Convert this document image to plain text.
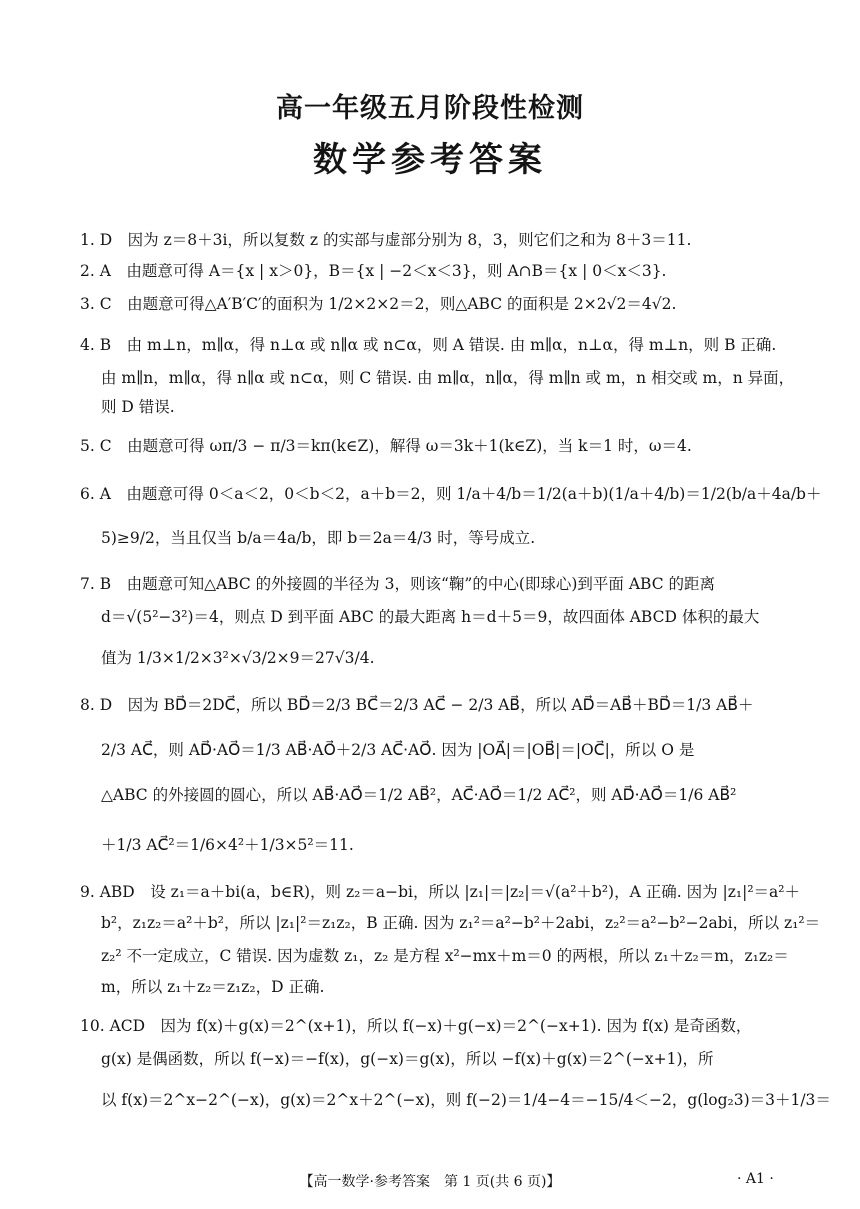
高一年级五月阶段性检测
数学参考答案
1. D　因为 z＝8＋3i，所以复数 z 的实部与虚部分别为 8，3，则它们之和为 8＋3＝11.
2. A　由题意可得 A＝{x | x＞0}，B＝{x | −2＜x＜3}，则 A∩B＝{x | 0＜x＜3}.
3. C　由题意可得△A′B′C′的面积为 1/2×2×2＝2，则△ABC 的面积是 2×2√2＝4√2.
4. B　由 m⊥n，m∥α，得 n⊥α 或 n∥α 或 n⊂α，则 A 错误. 由 m∥α，n⊥α，得 m⊥n，则 B 正确.
由 m∥n，m∥α，得 n∥α 或 n⊂α，则 C 错误. 由 m∥α，n∥α，得 m∥n 或 m，n 相交或 m，n 异面，
则 D 错误.
5. C　由题意可得 ωπ/3 − π/3＝kπ(k∈Z)，解得 ω＝3k＋1(k∈Z)，当 k＝1 时，ω＝4.
6. A　由题意可得 0＜a＜2，0＜b＜2，a＋b＝2，则 1/a＋4/b＝1/2(a＋b)(1/a＋4/b)＝1/2(b/a＋4a/b＋
5)≥9/2，当且仅当 b/a＝4a/b，即 b＝2a＝4/3 时，等号成立.
7. B　由题意可知△ABC 的外接圆的半径为 3，则该“鞠”的中心(即球心)到平面 ABC 的距离
d＝√(5²−3²)＝4，则点 D 到平面 ABC 的最大距离 h＝d＋5＝9，故四面体 ABCD 体积的最大
值为 1/3×1/2×3²×√3/2×9＝27√3/4.
8. D　因为 BD⃗＝2DC⃗，所以 BD⃗＝2/3 BC⃗＝2/3 AC⃗ − 2/3 AB⃗，所以 AD⃗＝AB⃗＋BD⃗＝1/3 AB⃗＋
2/3 AC⃗，则 AD⃗·AO⃗＝1/3 AB⃗·AO⃗＋2/3 AC⃗·AO⃗. 因为 |OA⃗|＝|OB⃗|＝|OC⃗|，所以 O 是
△ABC 的外接圆的圆心，所以 AB⃗·AO⃗＝1/2 AB⃗²，AC⃗·AO⃗＝1/2 AC⃗²，则 AD⃗·AO⃗＝1/6 AB⃗²
＋1/3 AC⃗²＝1/6×4²＋1/3×5²＝11.
9. ABD　设 z₁＝a＋bi(a，b∈R)，则 z₂＝a−bi，所以 |z₁|＝|z₂|＝√(a²＋b²)，A 正确. 因为 |z₁|²＝a²＋
b²，z₁z₂＝a²＋b²，所以 |z₁|²＝z₁z₂，B 正确. 因为 z₁²＝a²−b²＋2abi，z₂²＝a²−b²−2abi，所以 z₁²＝
z₂² 不一定成立，C 错误. 因为虚数 z₁，z₂ 是方程 x²−mx＋m＝0 的两根，所以 z₁＋z₂＝m，z₁z₂＝
m，所以 z₁＋z₂＝z₁z₂，D 正确.
10. ACD　因为 f(x)＋g(x)＝2^(x+1)，所以 f(−x)＋g(−x)＝2^(−x+1). 因为 f(x) 是奇函数，
g(x) 是偶函数，所以 f(−x)＝−f(x)，g(−x)＝g(x)，所以 −f(x)＋g(x)＝2^(−x+1)，所
以 f(x)＝2^x−2^(−x)，g(x)＝2^x＋2^(−x)，则 f(−2)＝1/4−4＝−15/4＜−2，g(log₂3)＝3＋1/3＝
【高一数学·参考答案　第 1 页(共 6 页)】	· A1 ·
